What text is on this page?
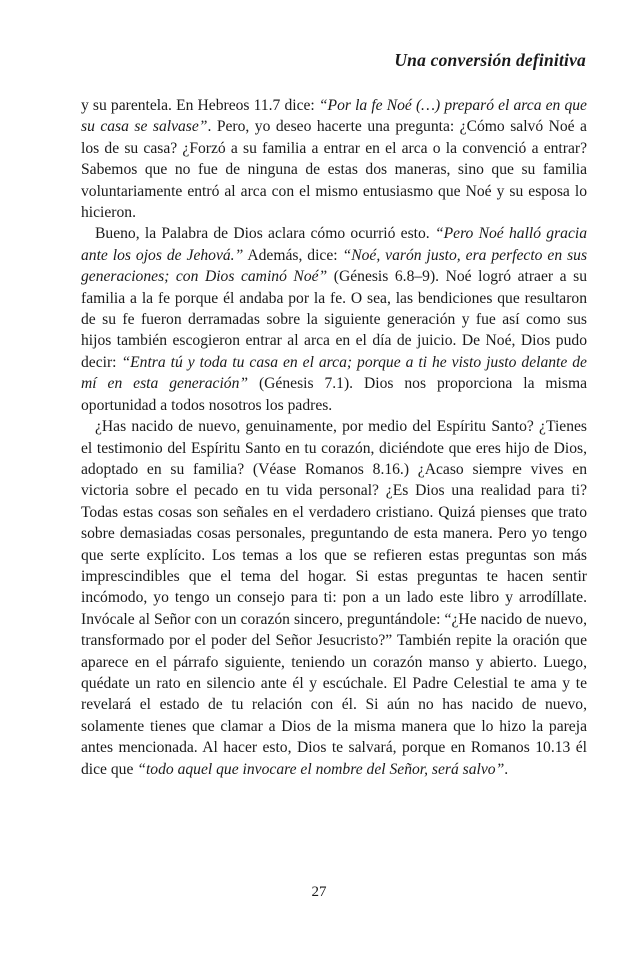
Una conversión definitiva

y su parentela. En Hebreos 11.7 dice: “Por la fe Noé (…) preparó el arca en que su casa se salvase”. Pero, yo deseo hacerte una pregunta: ¿Cómo salvó Noé a los de su casa? ¿Forzó a su familia a entrar en el arca o la convenció a entrar? Sabemos que no fue de ninguna de estas dos maneras, sino que su familia voluntariamente entró al arca con el mismo entusiasmo que Noé y su esposa lo hicieron.

Bueno, la Palabra de Dios aclara cómo ocurrió esto. “Pero Noé halló gracia ante los ojos de Jehová.” Además, dice: “Noé, varón justo, era perfecto en sus generaciones; con Dios caminó Noé” (Génesis 6.8–9). Noé logró atraer a su familia a la fe porque él andaba por la fe. O sea, las bendiciones que resultaron de su fe fueron derramadas sobre la siguiente generación y fue así como sus hijos también escogieron entrar al arca en el día de juicio. De Noé, Dios pudo decir: “Entra tú y toda tu casa en el arca; porque a ti he visto justo delante de mí en esta generación” (Génesis 7.1). Dios nos proporciona la misma oportunidad a todos nosotros los padres.

¿Has nacido de nuevo, genuinamente, por medio del Espíritu Santo? ¿Tienes el testimonio del Espíritu Santo en tu corazón, diciéndote que eres hijo de Dios, adoptado en su familia? (Véase Romanos 8.16.) ¿Acaso siempre vives en victoria sobre el pecado en tu vida personal? ¿Es Dios una realidad para ti? Todas estas cosas son señales en el verdadero cristiano. Quizá pienses que trato sobre demasiadas cosas personales, preguntando de esta manera. Pero yo tengo que serte explícito. Los temas a los que se refieren estas preguntas son más imprescindibles que el tema del hogar. Si estas preguntas te hacen sentir incómodo, yo tengo un consejo para ti: pon a un lado este libro y arrodíllate. Invócale al Señor con un corazón sincero, preguntándole: “¿He nacido de nuevo, transformado por el poder del Señor Jesucristo?” También repite la oración que aparece en el párrafo siguiente, teniendo un corazón manso y abierto. Luego, quédate un rato en silencio ante él y escúchale. El Padre Celestial te ama y te revelará el estado de tu relación con él. Si aún no has nacido de nuevo, solamente tienes que clamar a Dios de la misma manera que lo hizo la pareja antes mencionada. Al hacer esto, Dios te salvará, porque en Romanos 10.13 él dice que “todo aquel que invocare el nombre del Señor, será salvo”.

27
